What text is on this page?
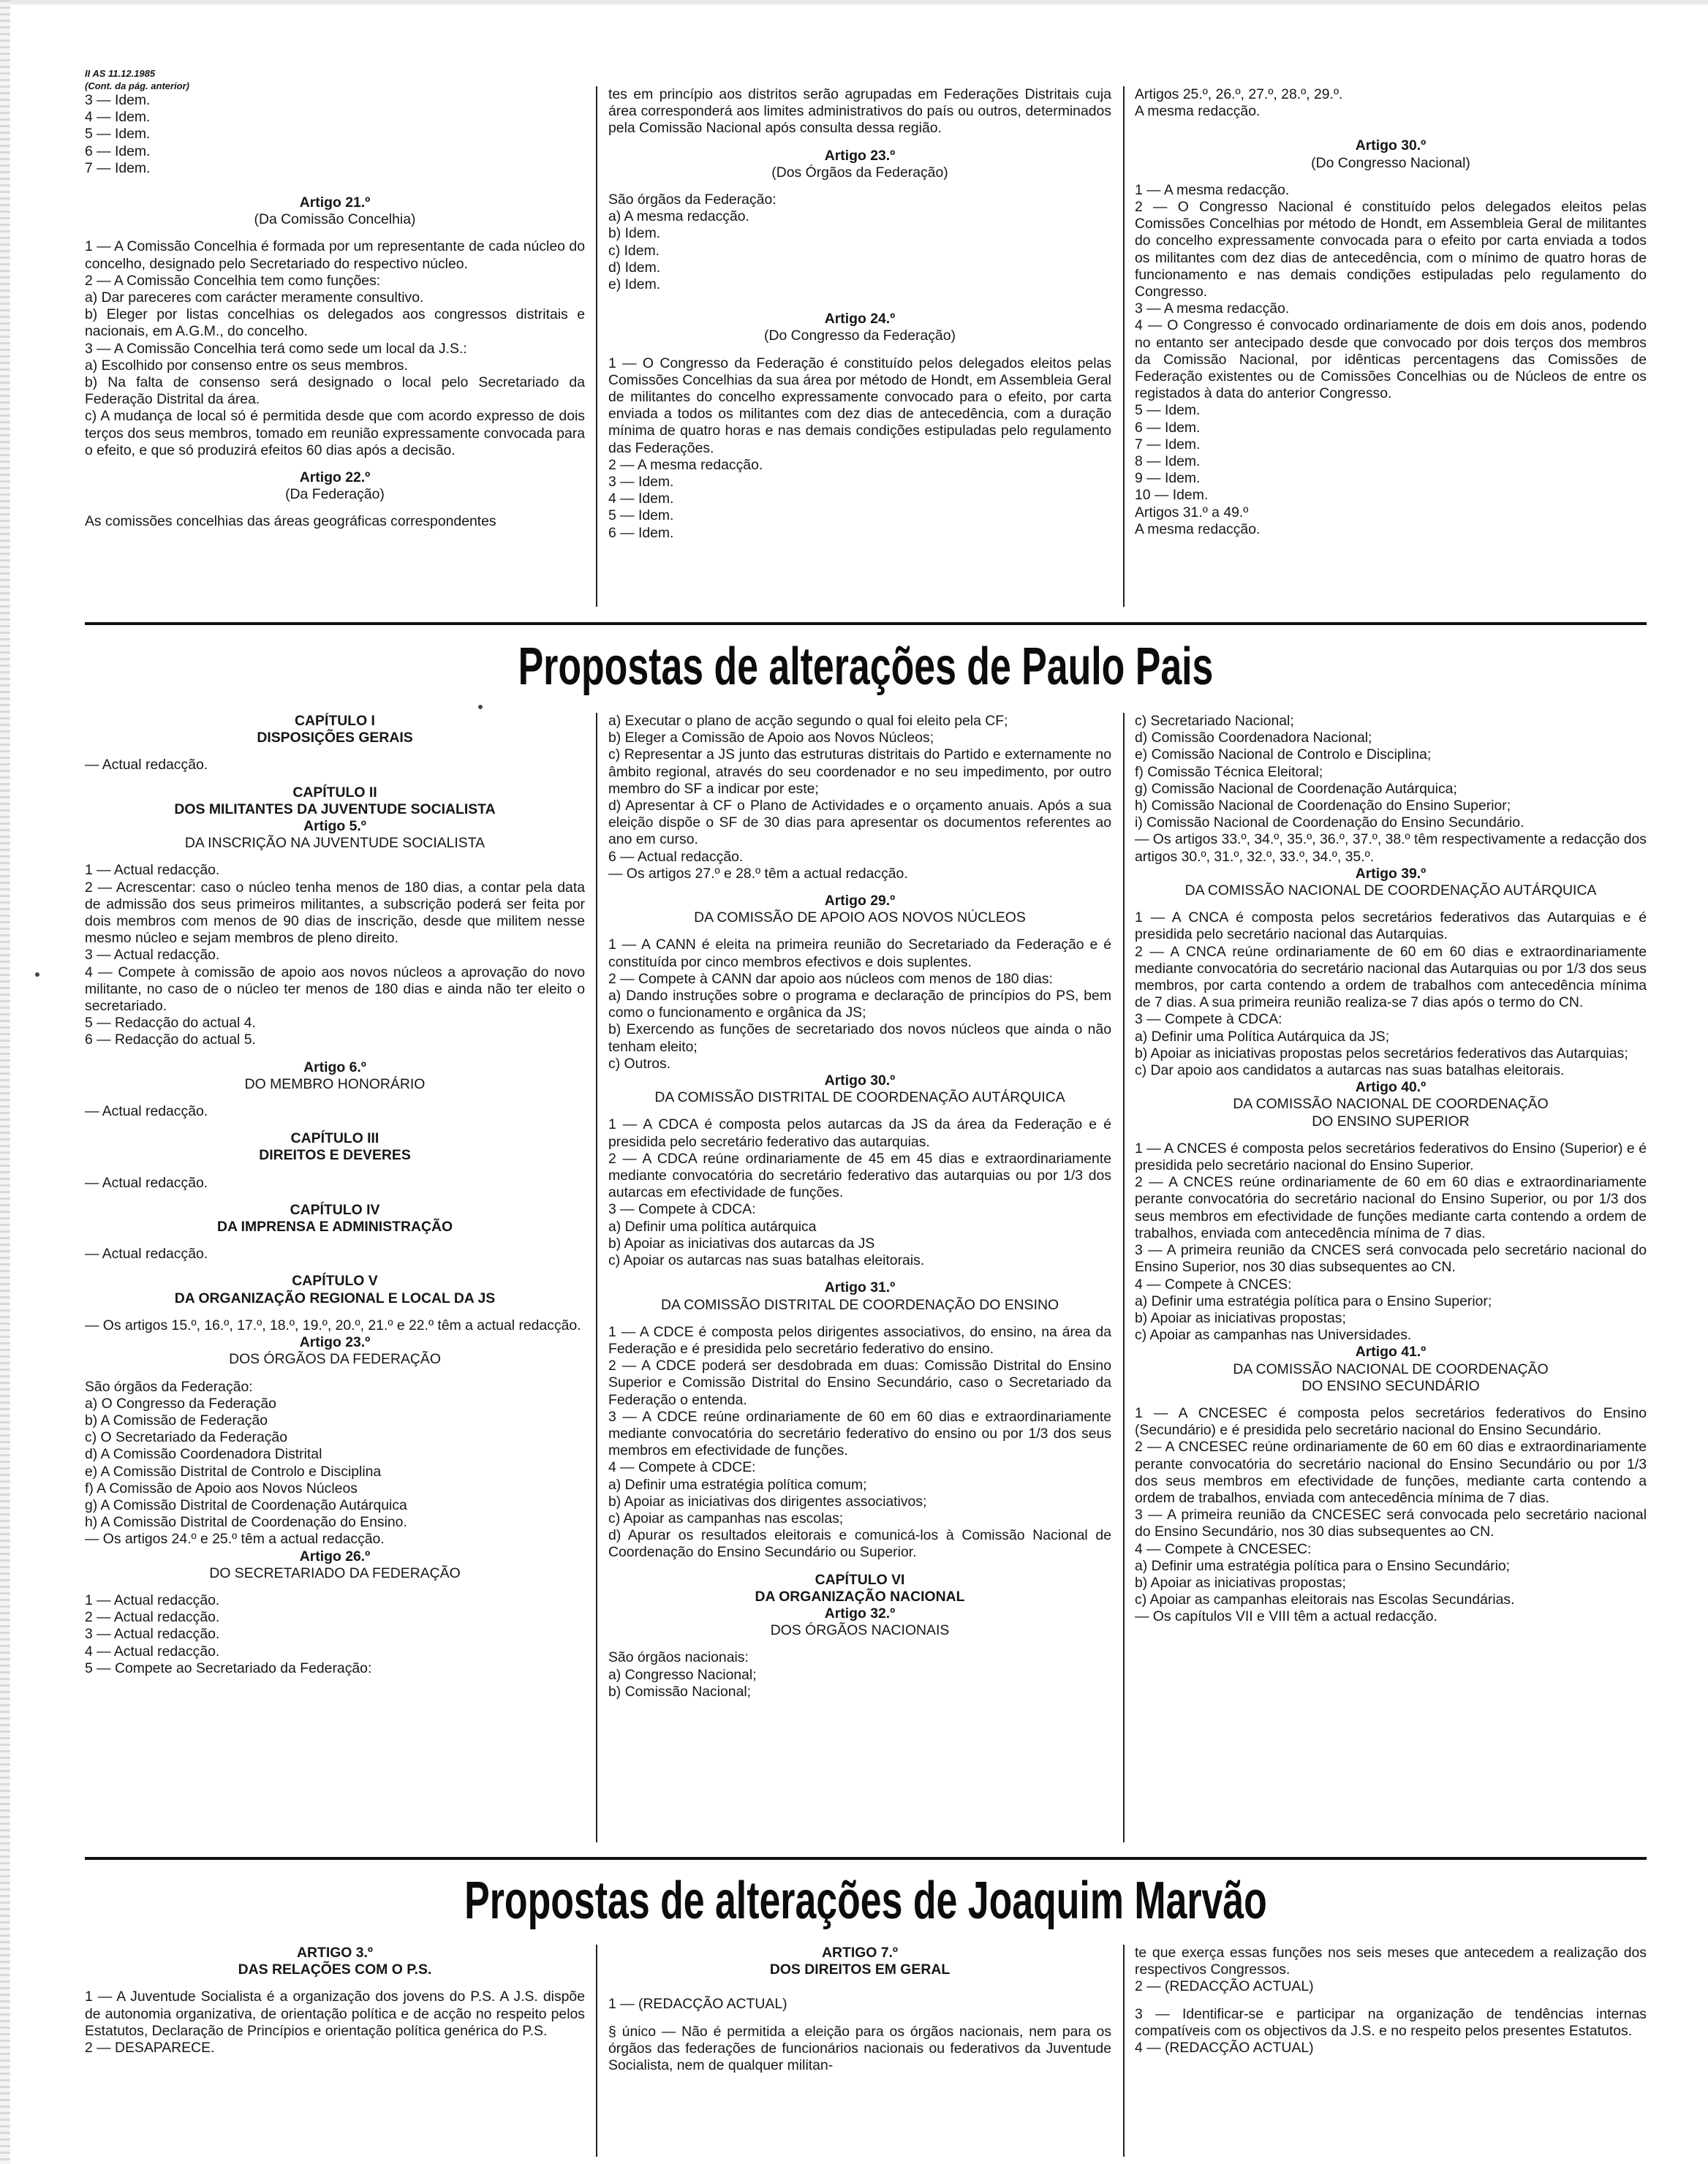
II AS 11.12.1985

(Cont. da pág. anterior)

3 — Idem.

4 — Idem.

5 — Idem.

6 — Idem.

7 — Idem.

Artigo 21.º

(Da Comissão Concelhia)

1 — A Comissão Concelhia é formada por um representante de cada núcleo do concelho, designado pelo Secretariado do respectivo núcleo.

2 — A Comissão Concelhia tem como funções:

a) Dar pareceres com carácter meramente consultivo.

b) Eleger por listas concelhias os delegados aos congressos distritais e nacionais, em A.G.M., do concelho.

3 — A Comissão Concelhia terá como sede um local da J.S.:

a) Escolhido por consenso entre os seus membros.

b) Na falta de consenso será designado o local pelo Secretariado da Federação Distrital da área.

c) A mudança de local só é permitida desde que com acordo expresso de dois terços dos seus membros, tomado em reunião expressamente convocada para o efeito, e que só produzirá efeitos 60 dias após a decisão.

Artigo 22.º

(Da Federação)

As comissões concelhias das áreas geográficas correspondentes

tes em princípio aos distritos serão agrupadas em Federações Distritais cuja área corresponderá aos limites administrativos do país ou outros, determinados pela Comissão Nacional após consulta dessa região.

Artigo 23.º

(Dos Órgãos da Federação)

São órgãos da Federação:

a) A mesma redacção.

b) Idem.

c) Idem.

d) Idem.

e) Idem.

Artigo 24.º

(Do Congresso da Federação)

1 — O Congresso da Federação é constituído pelos delegados eleitos pelas Comissões Concelhias da sua área por método de Hondt, em Assembleia Geral de militantes do concelho expressamente convocado para o efeito, por carta enviada a todos os militantes com dez dias de antecedência, com a duração mínima de quatro horas e nas demais condições estipuladas pelo regulamento das Federações.

2 — A mesma redacção.

3 — Idem.

4 — Idem.

5 — Idem.

6 — Idem.

Artigos 25.º, 26.º, 27.º, 28.º, 29.º.

A mesma redacção.

Artigo 30.º

(Do Congresso Nacional)

1 — A mesma redacção.

2 — O Congresso Nacional é constituído pelos delegados eleitos pelas Comissões Concelhias por método de Hondt, em Assembleia Geral de militantes do concelho expressamente convocada para o efeito por carta enviada a todos os militantes com dez dias de antecedência, com o mínimo de quatro horas de funcionamento e nas demais condições estipuladas pelo regulamento do Congresso.

3 — A mesma redacção.

4 — O Congresso é convocado ordinariamente de dois em dois anos, podendo no entanto ser antecipado desde que convocado por dois terços dos membros da Comissão Nacional, por idênticas percentagens das Comissões de Federação existentes ou de Comissões Concelhias ou de Núcleos de entre os registados à data do anterior Congresso.

5 — Idem.

6 — Idem.

7 — Idem.

8 — Idem.

9 — Idem.

10 — Idem.

Artigos 31.º a 49.º

A mesma redacção.

Propostas de alterações de Paulo Pais

CAPÍTULO I

DISPOSIÇÕES GERAIS

— Actual redacção.

CAPÍTULO II

DOS MILITANTES DA JUVENTUDE SOCIALISTA

Artigo 5.º

DA INSCRIÇÃO NA JUVENTUDE SOCIALISTA

1 — Actual redacção.

2 — Acrescentar: caso o núcleo tenha menos de 180 dias, a contar pela data de admissão dos seus primeiros militantes, a subscrição poderá ser feita por dois membros com menos de 90 dias de inscrição, desde que militem nesse mesmo núcleo e sejam membros de pleno direito.

3 — Actual redacção.

4 — Compete à comissão de apoio aos novos núcleos a aprovação do novo militante, no caso de o núcleo ter menos de 180 dias e ainda não ter eleito o secretariado.

5 — Redacção do actual 4.

6 — Redacção do actual 5.

Artigo 6.º

DO MEMBRO HONORÁRIO

— Actual redacção.

CAPÍTULO III

DIREITOS E DEVERES

— Actual redacção.

CAPÍTULO IV

DA IMPRENSA E ADMINISTRAÇÃO

— Actual redacção.

CAPÍTULO V

DA ORGANIZAÇÃO REGIONAL E LOCAL DA JS

— Os artigos 15.º, 16.º, 17.º, 18.º, 19.º, 20.º, 21.º e 22.º têm a actual redacção.

Artigo 23.º

DOS ÓRGÃOS DA FEDERAÇÃO

São órgãos da Federação:

a) O Congresso da Federação

b) A Comissão de Federação

c) O Secretariado da Federação

d) A Comissão Coordenadora Distrital

e) A Comissão Distrital de Controlo e Disciplina

f) A Comissão de Apoio aos Novos Núcleos

g) A Comissão Distrital de Coordenação Autárquica

h) A Comissão Distrital de Coordenação do Ensino.

— Os artigos 24.º e 25.º têm a actual redacção.

Artigo 26.º

DO SECRETARIADO DA FEDERAÇÃO

1 — Actual redacção.

2 — Actual redacção.

3 — Actual redacção.

4 — Actual redacção.

5 — Compete ao Secretariado da Federação:

a) Executar o plano de acção segundo o qual foi eleito pela CF;

b) Eleger a Comissão de Apoio aos Novos Núcleos;

c) Representar a JS junto das estruturas distritais do Partido e externamente no âmbito regional, através do seu coordenador e no seu impedimento, por outro membro do SF a indicar por este;

d) Apresentar à CF o Plano de Actividades e o orçamento anuais. Após a sua eleição dispõe o SF de 30 dias para apresentar os documentos referentes ao ano em curso.

6 — Actual redacção.

— Os artigos 27.º e 28.º têm a actual redacção.

Artigo 29.º

DA COMISSÃO DE APOIO AOS NOVOS NÚCLEOS

1 — A CANN é eleita na primeira reunião do Secretariado da Federação e é constituída por cinco membros efectivos e dois suplentes.

2 — Compete à CANN dar apoio aos núcleos com menos de 180 dias:

a) Dando instruções sobre o programa e declaração de princípios do PS, bem como o funcionamento e orgânica da JS;

b) Exercendo as funções de secretariado dos novos núcleos que ainda o não tenham eleito;

c) Outros.

Artigo 30.º

DA COMISSÃO DISTRITAL DE COORDENAÇÃO AUTÁRQUICA

1 — A CDCA é composta pelos autarcas da JS da área da Federação e é presidida pelo secretário federativo das autarquias.

2 — A CDCA reúne ordinariamente de 45 em 45 dias e extraordinariamente mediante convocatória do secretário federativo das autarquias ou por 1/3 dos autarcas em efectividade de funções.

3 — Compete à CDCA:

a) Definir uma política autárquica

b) Apoiar as iniciativas dos autarcas da JS

c) Apoiar os autarcas nas suas batalhas eleitorais.

Artigo 31.º

DA COMISSÃO DISTRITAL DE COORDENAÇÃO DO ENSINO

1 — A CDCE é composta pelos dirigentes associativos, do ensino, na área da Federação e é presidida pelo secretário federativo do ensino.

2 — A CDCE poderá ser desdobrada em duas: Comissão Distrital do Ensino Superior e Comissão Distrital do Ensino Secundário, caso o Secretariado da Federação o entenda.

3 — A CDCE reúne ordinariamente de 60 em 60 dias e extraordinariamente mediante convocatória do secretário federativo do ensino ou por 1/3 dos seus membros em efectividade de funções.

4 — Compete à CDCE:

a) Definir uma estratégia política comum;

b) Apoiar as iniciativas dos dirigentes associativos;

c) Apoiar as campanhas nas escolas;

d) Apurar os resultados eleitorais e comunicá-los à Comissão Nacional de Coordenação do Ensino Secundário ou Superior.

CAPÍTULO VI

DA ORGANIZAÇÃO NACIONAL

Artigo 32.º

DOS ÓRGÃOS NACIONAIS

São órgãos nacionais:

a) Congresso Nacional;

b) Comissão Nacional;

c) Secretariado Nacional;

d) Comissão Coordenadora Nacional;

e) Comissão Nacional de Controlo e Disciplina;

f) Comissão Técnica Eleitoral;

g) Comissão Nacional de Coordenação Autárquica;

h) Comissão Nacional de Coordenação do Ensino Superior;

i) Comissão Nacional de Coordenação do Ensino Secundário.

— Os artigos 33.º, 34.º, 35.º, 36.º, 37.º, 38.º têm respectivamente a redacção dos artigos 30.º, 31.º, 32.º, 33.º, 34.º, 35.º.

Artigo 39.º

DA COMISSÃO NACIONAL DE COORDENAÇÃO AUTÁRQUICA

1 — A CNCA é composta pelos secretários federativos das Autarquias e é presidida pelo secretário nacional das Autarquias.

2 — A CNCA reúne ordinariamente de 60 em 60 dias e extraordinariamente mediante convocatória do secretário nacional das Autarquias ou por 1/3 dos seus membros, por carta contendo a ordem de trabalhos com antecedência mínima de 7 dias. A sua primeira reunião realiza-se 7 dias após o termo do CN.

3 — Compete à CDCA:

a) Definir uma Política Autárquica da JS;

b) Apoiar as iniciativas propostas pelos secretários federativos das Autarquias;

c) Dar apoio aos candidatos a autarcas nas suas batalhas eleitorais.

Artigo 40.º

DA COMISSÃO NACIONAL DE COORDENAÇÃO

DO ENSINO SUPERIOR

1 — A CNCES é composta pelos secretários federativos do Ensino (Superior) e é presidida pelo secretário nacional do Ensino Superior.

2 — A CNCES reúne ordinariamente de 60 em 60 dias e extraordinariamente perante convocatória do secretário nacional do Ensino Superior, ou por 1/3 dos seus membros em efectividade de funções mediante carta contendo a ordem de trabalhos, enviada com antecedência mínima de 7 dias.

3 — A primeira reunião da CNCES será convocada pelo secretário nacional do Ensino Superior, nos 30 dias subsequentes ao CN.

4 — Compete à CNCES:

a) Definir uma estratégia política para o Ensino Superior;

b) Apoiar as iniciativas propostas;

c) Apoiar as campanhas nas Universidades.

Artigo 41.º

DA COMISSÃO NACIONAL DE COORDENAÇÃO

DO ENSINO SECUNDÁRIO

1 — A CNCESEC é composta pelos secretários federativos do Ensino (Secundário) e é presidida pelo secretário nacional do Ensino Secundário.

2 — A CNCESEC reúne ordinariamente de 60 em 60 dias e extraordinariamente perante convocatória do secretário nacional do Ensino Secundário ou por 1/3 dos seus membros em efectividade de funções, mediante carta contendo a ordem de trabalhos, enviada com antecedência mínima de 7 dias.

3 — A primeira reunião da CNCESEC será convocada pelo secretário nacional do Ensino Secundário, nos 30 dias subsequentes ao CN.

4 — Compete à CNCESEC:

a) Definir uma estratégia política para o Ensino Secundário;

b) Apoiar as iniciativas propostas;

c) Apoiar as campanhas eleitorais nas Escolas Secundárias.

— Os capítulos VII e VIII têm a actual redacção.

Propostas de alterações de Joaquim Marvão

ARTIGO 3.º

DAS RELAÇÕES COM O P.S.

1 — A Juventude Socialista é a organização dos jovens do P.S. A J.S. dispõe de autonomia organizativa, de orientação política e de acção no respeito pelos Estatutos, Declaração de Princípios e orientação política genérica do P.S.

2 — DESAPARECE.

ARTIGO 7.º

DOS DIREITOS EM GERAL

1 — (REDACÇÃO ACTUAL)

§ único — Não é permitida a eleição para os órgãos nacionais, nem para os órgãos das federações de funcionários nacionais ou federativos da Juventude Socialista, nem de qualquer militan-

te que exerça essas funções nos seis meses que antecedem a realização dos respectivos Congressos.

2 — (REDACÇÃO ACTUAL)

3 — Identificar-se e participar na organização de tendências internas compatíveis com os objectivos da J.S. e no respeito pelos presentes Estatutos.

4 — (REDACÇÃO ACTUAL)
